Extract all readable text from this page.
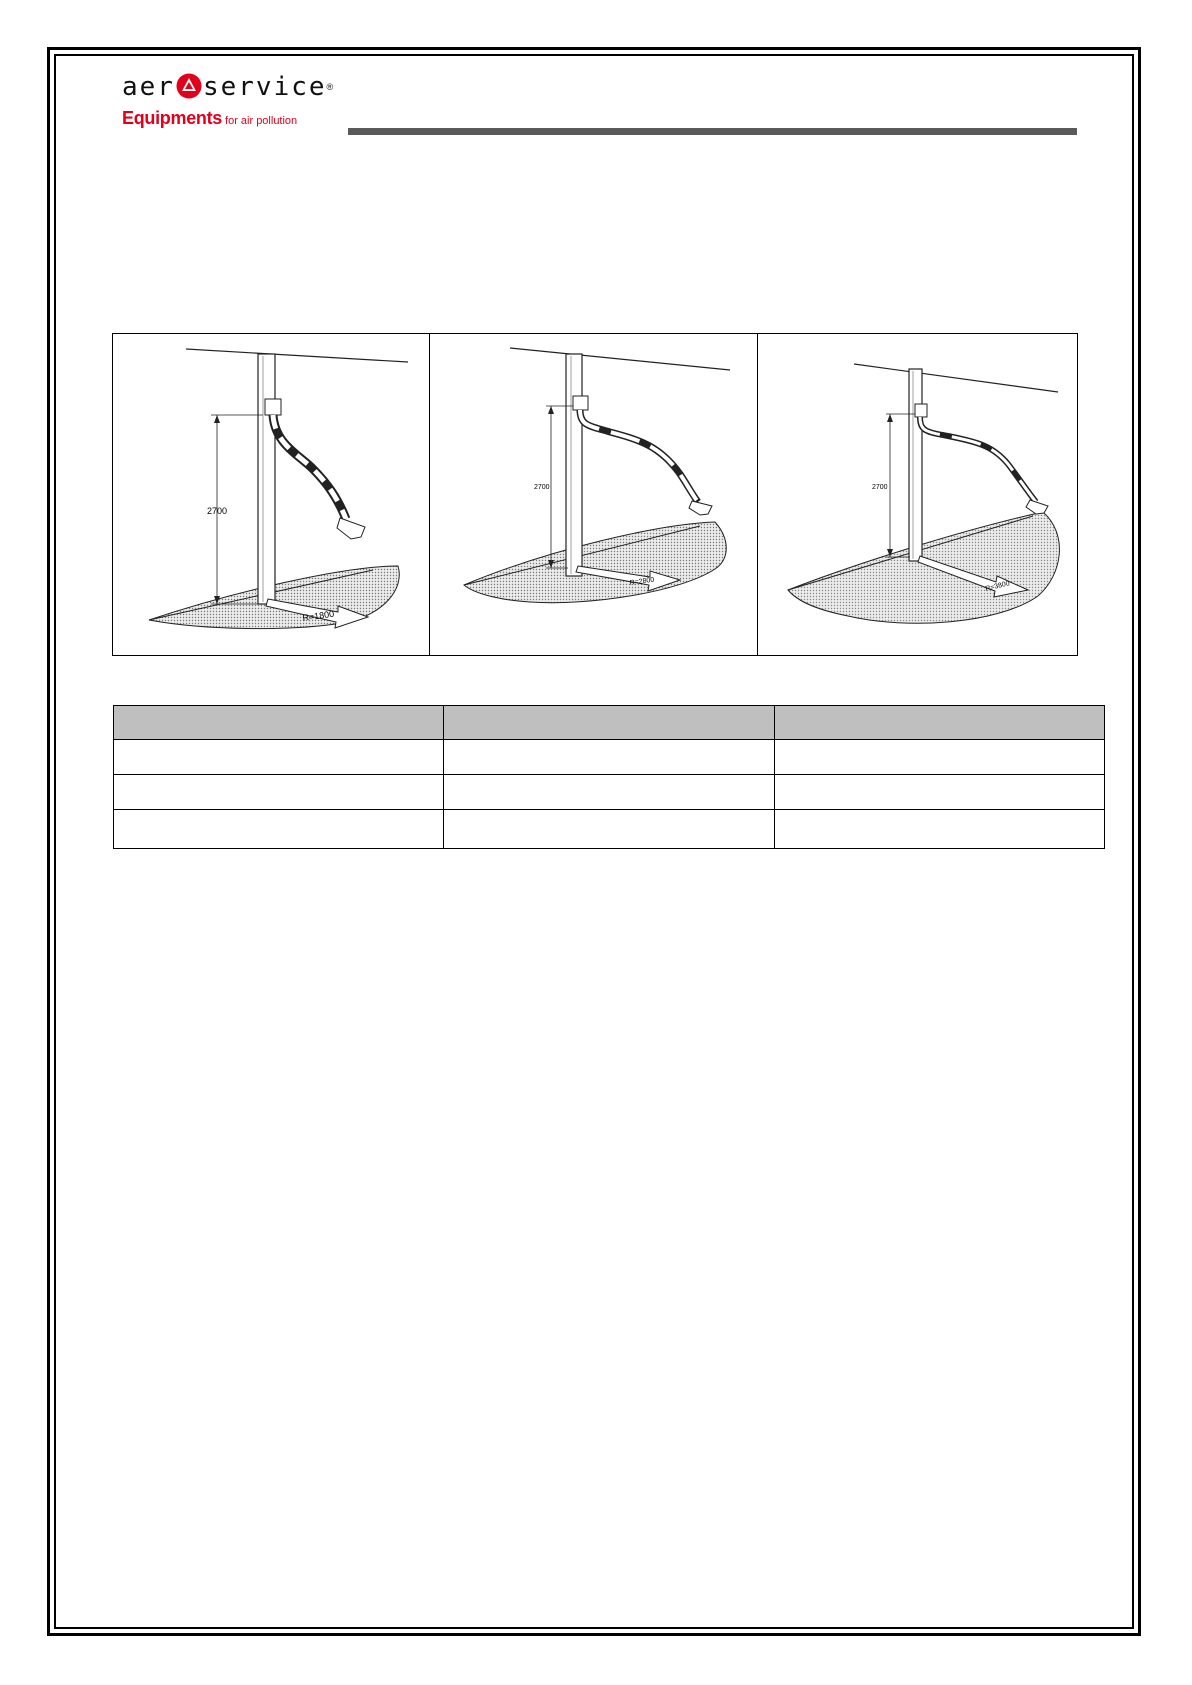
aer service®
Equipments for air pollution
2700
R=1800
2700
R=2800
2700
R=3800
